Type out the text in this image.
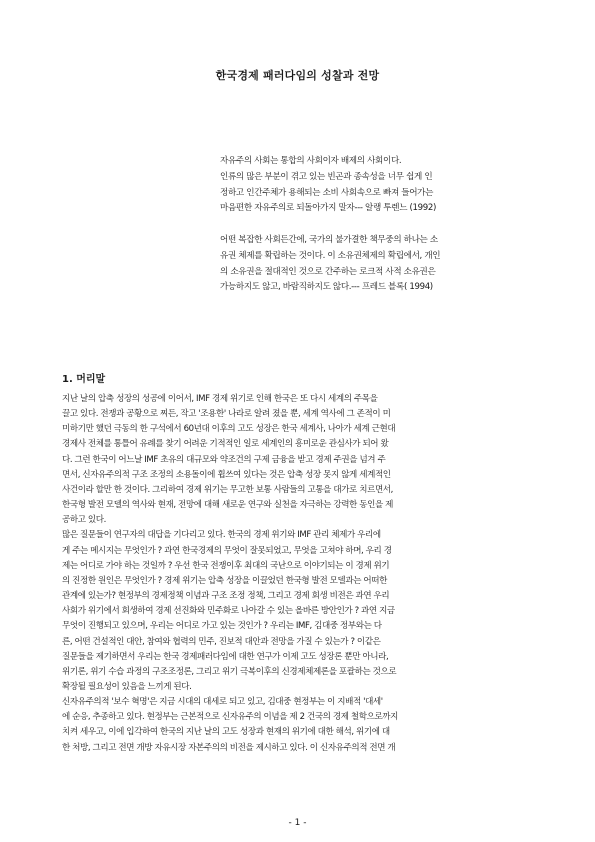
한국경제 패러다임의 성찰과 전망
자유주의 사회는 통합의 사회이자 배제의 사회이다.
인류의 많은 부분이 겪고 있는 빈곤과 종속성을 너무 쉽게 인
정하고 인간주체가 용해되는 소비 사회속으로 빠져 들어가는
마음편한 자유주의로 되돌아가지 말자--- 알랭 투렌느 (1992)
어떤 복잡한 사회든간에, 국가의 불가결한 책무중의 하나는 소
유권 체제를 확립하는 것이다. 이 소유권체제의 확립에서, 개인
의 소유권을 절대적인 것으로 간주하는 로크적 사적 소유권은
가능하지도 않고, 바람직하지도 않다.--- 프레드 블록( 1994)
1. 머리말
지난 날의 압축 성장의 성공에 이어서, IMF 경제 위기로 인해 한국은 또 다시 세계의 주목을
끌고 있다. 전쟁과 공황으로 찌든, 작고 '조용한' 나라로 알려 졌을 뿐, 세계 역사에 그 존적이 미
미하기만 했던 극동의 한 구석에서 60년대 이후의 고도 성장은 한국 세계사, 나아가 세계 근현대
경제사 전체를 통틀어 유례를 찾기 어려운 기적적인 일로 세계인의 흥미로운 관심사가 되어 왔
다. 그런 한국이 어느날 IMF 초유의 대규모와 약조건의 구제 금융을 받고 경제 주권을 넘겨 주
면서, 신자유주의적 구조 조정의 소용돌이에 휩쓰여 있다는 것은 압축 성장 못지 않게 세계적인
사건이라 할만 한 것이다. 그리하여 경제 위기는 무고한 보통 사람들의 고통을 대가로 치르면서,
한국형 발전 모델의 역사와 현재, 전망에 대해 새로운 연구와 실천을 자극하는 강력한 동인을 제
공하고 있다.
많은 질문들이 연구자의 대답을 기다리고 있다. 한국의 경제 위기와 IMF 관리 체제가 우리에
게 주는 메시지는 무엇인가 ? 과연 한국경제의 무엇이 잘못되었고, 무엇을 고쳐야 하며, 우리 경
제는 어디로 가야 하는 것일까 ? 우선 한국 전쟁이후 최대의 국난으로 이야기되는 이 경제 위기
의 진정한 원인은 무엇인가 ? 경제 위기는 압축 성장을 이끌었던 한국형 발전 모델과는 어떠한
관계에 있는가? 현정부의 경제정책 이념과 구조 조정 정책, 그리고 경제 회생 비전은 과연 우리
사회가 위기에서 회생하여 경제 선진화와 민주화로 나아갈 수 있는 올바른 방안인가 ? 과연 지금
무엇이 진행되고 있으며, 우리는 어디로 가고 있는 것인가 ? 우리는 IMF, 김대중 정부와는 다
른, 어떤 건설적인 대안, 참여와 협력의 민주, 진보적 대안과 전망을 가질 수 있는가 ? 이같은
질문들을 제기하면서 우리는 한국 경제패러다임에 대한 연구가 이제 고도 성장론 뿐만 아니라,
위기론, 위기 수습 과정의 구조조정론, 그리고 위기 극복이후의 신경제체제론을 포괄하는 것으로
확장될 필요성이 있음을 느끼게 된다.
신자유주의적 '보수 혁명'은 지금 시대의 대세로 되고 있고, 김대중 현정부는 이 지배적 '대세'
에 순응, 추종하고 있다. 현정부는 근본적으로 신자유주의 이념을 제 2 건국의 경제 철학으로까지
치켜 세우고, 이에 입각하여 한국의 지난 날의 고도 성장과 현재의 위기에 대한 해석, 위기에 대
한 처방, 그리고 전면 개방 자유시장 자본주의의 비전을 제시하고 있다. 이 신자유주의적 전면 개
- 1 -
